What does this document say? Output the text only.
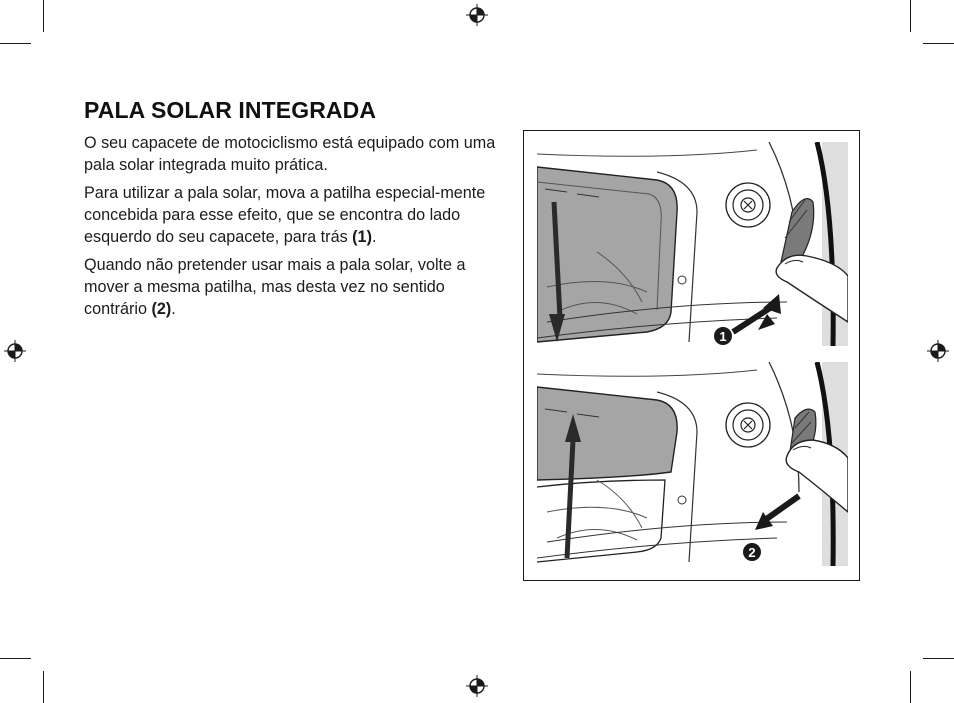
PALA SOLAR INTEGRADA

O seu capacete de motociclismo está equipado com uma pala solar integrada muito prática.

Para utilizar a pala solar, mova a patilha especial-mente concebida para esse efeito, que se encontra do lado esquerdo do seu capacete, para trás (1).

Quando não pretender usar mais a pala solar, volte a mover a mesma patilha, mas desta vez no sentido contrário (2).

1
2
